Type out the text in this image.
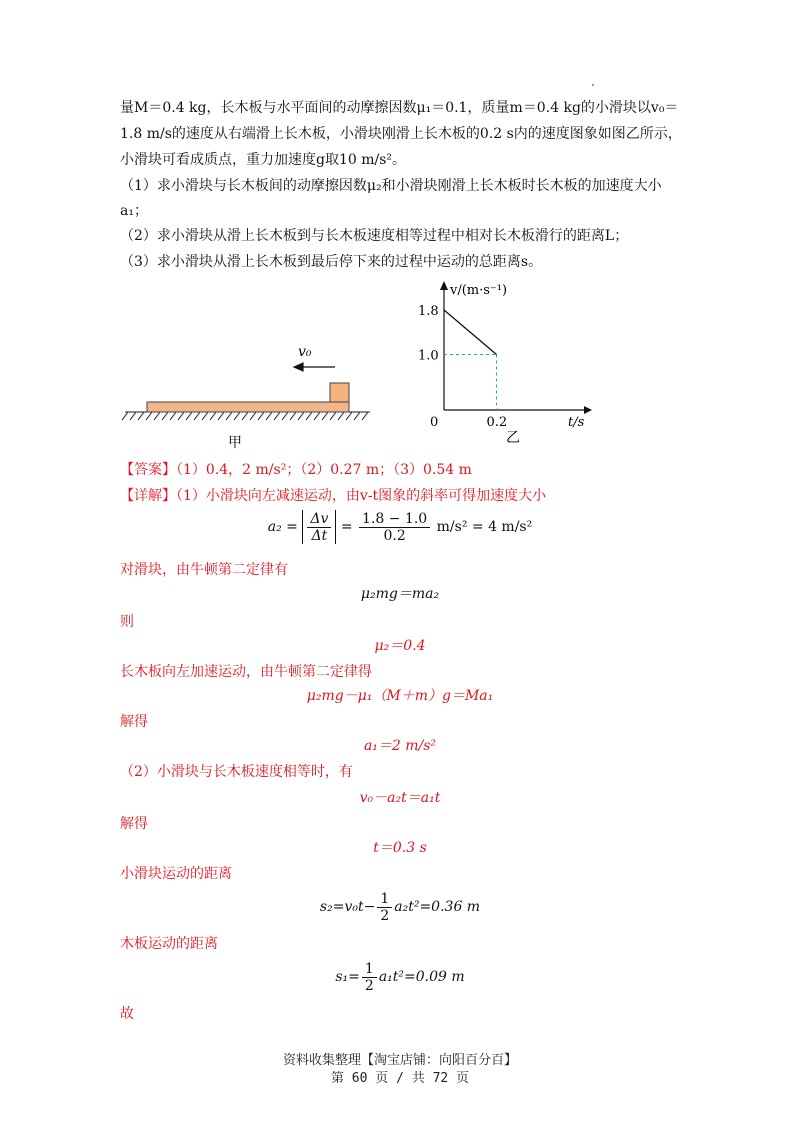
量M＝0.4 kg，长木板与水平面间的动摩擦因数μ₁＝0.1，质量m＝0.4 kg的小滑块以v₀＝
1.8 m/s的速度从右端滑上长木板，小滑块刚滑上长木板的0.2 s内的速度图象如图乙所示，
小滑块可看成质点，重力加速度g取10 m/s²。
（1）求小滑块与长木板间的动摩擦因数μ₂和小滑块刚滑上长木板时长木板的加速度大小
a₁；
（2）求小滑块从滑上长木板到与长木板速度相等过程中相对长木板滑行的距离L；
（3）求小滑块从滑上长木板到最后停下来的过程中运动的总距离s。
v₀
甲
v/(m·s⁻¹)
t/s
0
1.8
1.0
0.2
乙
【答案】（1）0.4，2 m/s²；（2）0.27 m；（3）0.54 m
【详解】（1）小滑块向左减速运动，由v-t图象的斜率可得加速度大小
$a_2 = \frac{\Delta v}{\Delta t} = \frac{1.8 - 1.0}{0.2} m/s^2 = 4$ m/s²
对滑块，由牛顿第二定律有
μ₂mg＝ma₂
则
μ₂＝0.4
长木板向左加速运动，由牛顿第二定律得
μ₂mg－μ₁（M＋m）g＝Ma₁
解得
a₁＝2 m/s²
（2）小滑块与长木板速度相等时，有
v₀－a₂t＝a₁t
解得
t＝0.3 s
小滑块运动的距离
$s_2=v_0t- \frac{1}{2} a_2t^2=0.36$ m
木板运动的距离
$s_1= \frac{1}{2} a_1t^2=0.09$ m
故
资料收集整理【淘宝店铺：向阳百分百】
第 60 页 / 共 72 页
